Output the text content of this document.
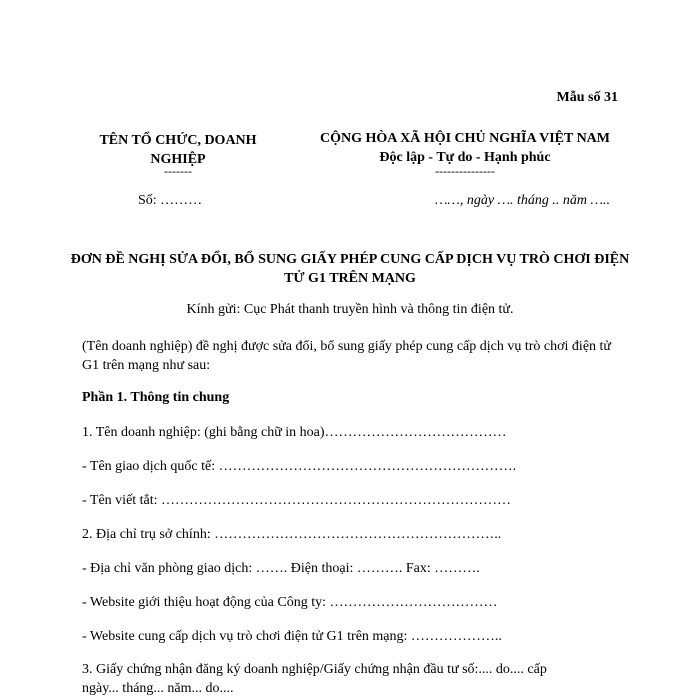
Mẫu số 31
TÊN TỔ CHỨC, DOANH NGHIỆP
-------
CỘNG HÒA XÃ HỘI CHỦ NGHĨA VIỆT NAM
Độc lập - Tự do - Hạnh phúc
---------------
Số: ………	……, ngày …. tháng .. năm …..
ĐƠN ĐỀ NGHỊ SỬA ĐỔI, BỔ SUNG GIẤY PHÉP CUNG CẤP DỊCH VỤ TRÒ CHƠI ĐIỆN TỬ G1 TRÊN MẠNG
Kính gửi: Cục Phát thanh truyền hình và thông tin điện tử.
(Tên doanh nghiệp) đề nghị được sửa đổi, bổ sung giấy phép cung cấp dịch vụ trò chơi điện tử G1 trên mạng như sau:
Phần 1. Thông tin chung
1. Tên doanh nghiệp: (ghi bằng chữ in hoa)…………………………………
- Tên giao dịch quốc tế: ……………………………………………………….
- Tên viết tắt: …………………………………………………………………
2. Địa chỉ trụ sở chính: ……………………………………………………..
- Địa chỉ văn phòng giao dịch: ……. Điện thoại: ………. Fax: ……….
- Website giới thiệu hoạt động của Công ty: ………………………………
- Website cung cấp dịch vụ trò chơi điện tử G1 trên mạng: ………………..
3. Giấy chứng nhận đăng ký doanh nghiệp/Giấy chứng nhận đầu tư số:.... do.... cấp
ngày... tháng... năm... do....
